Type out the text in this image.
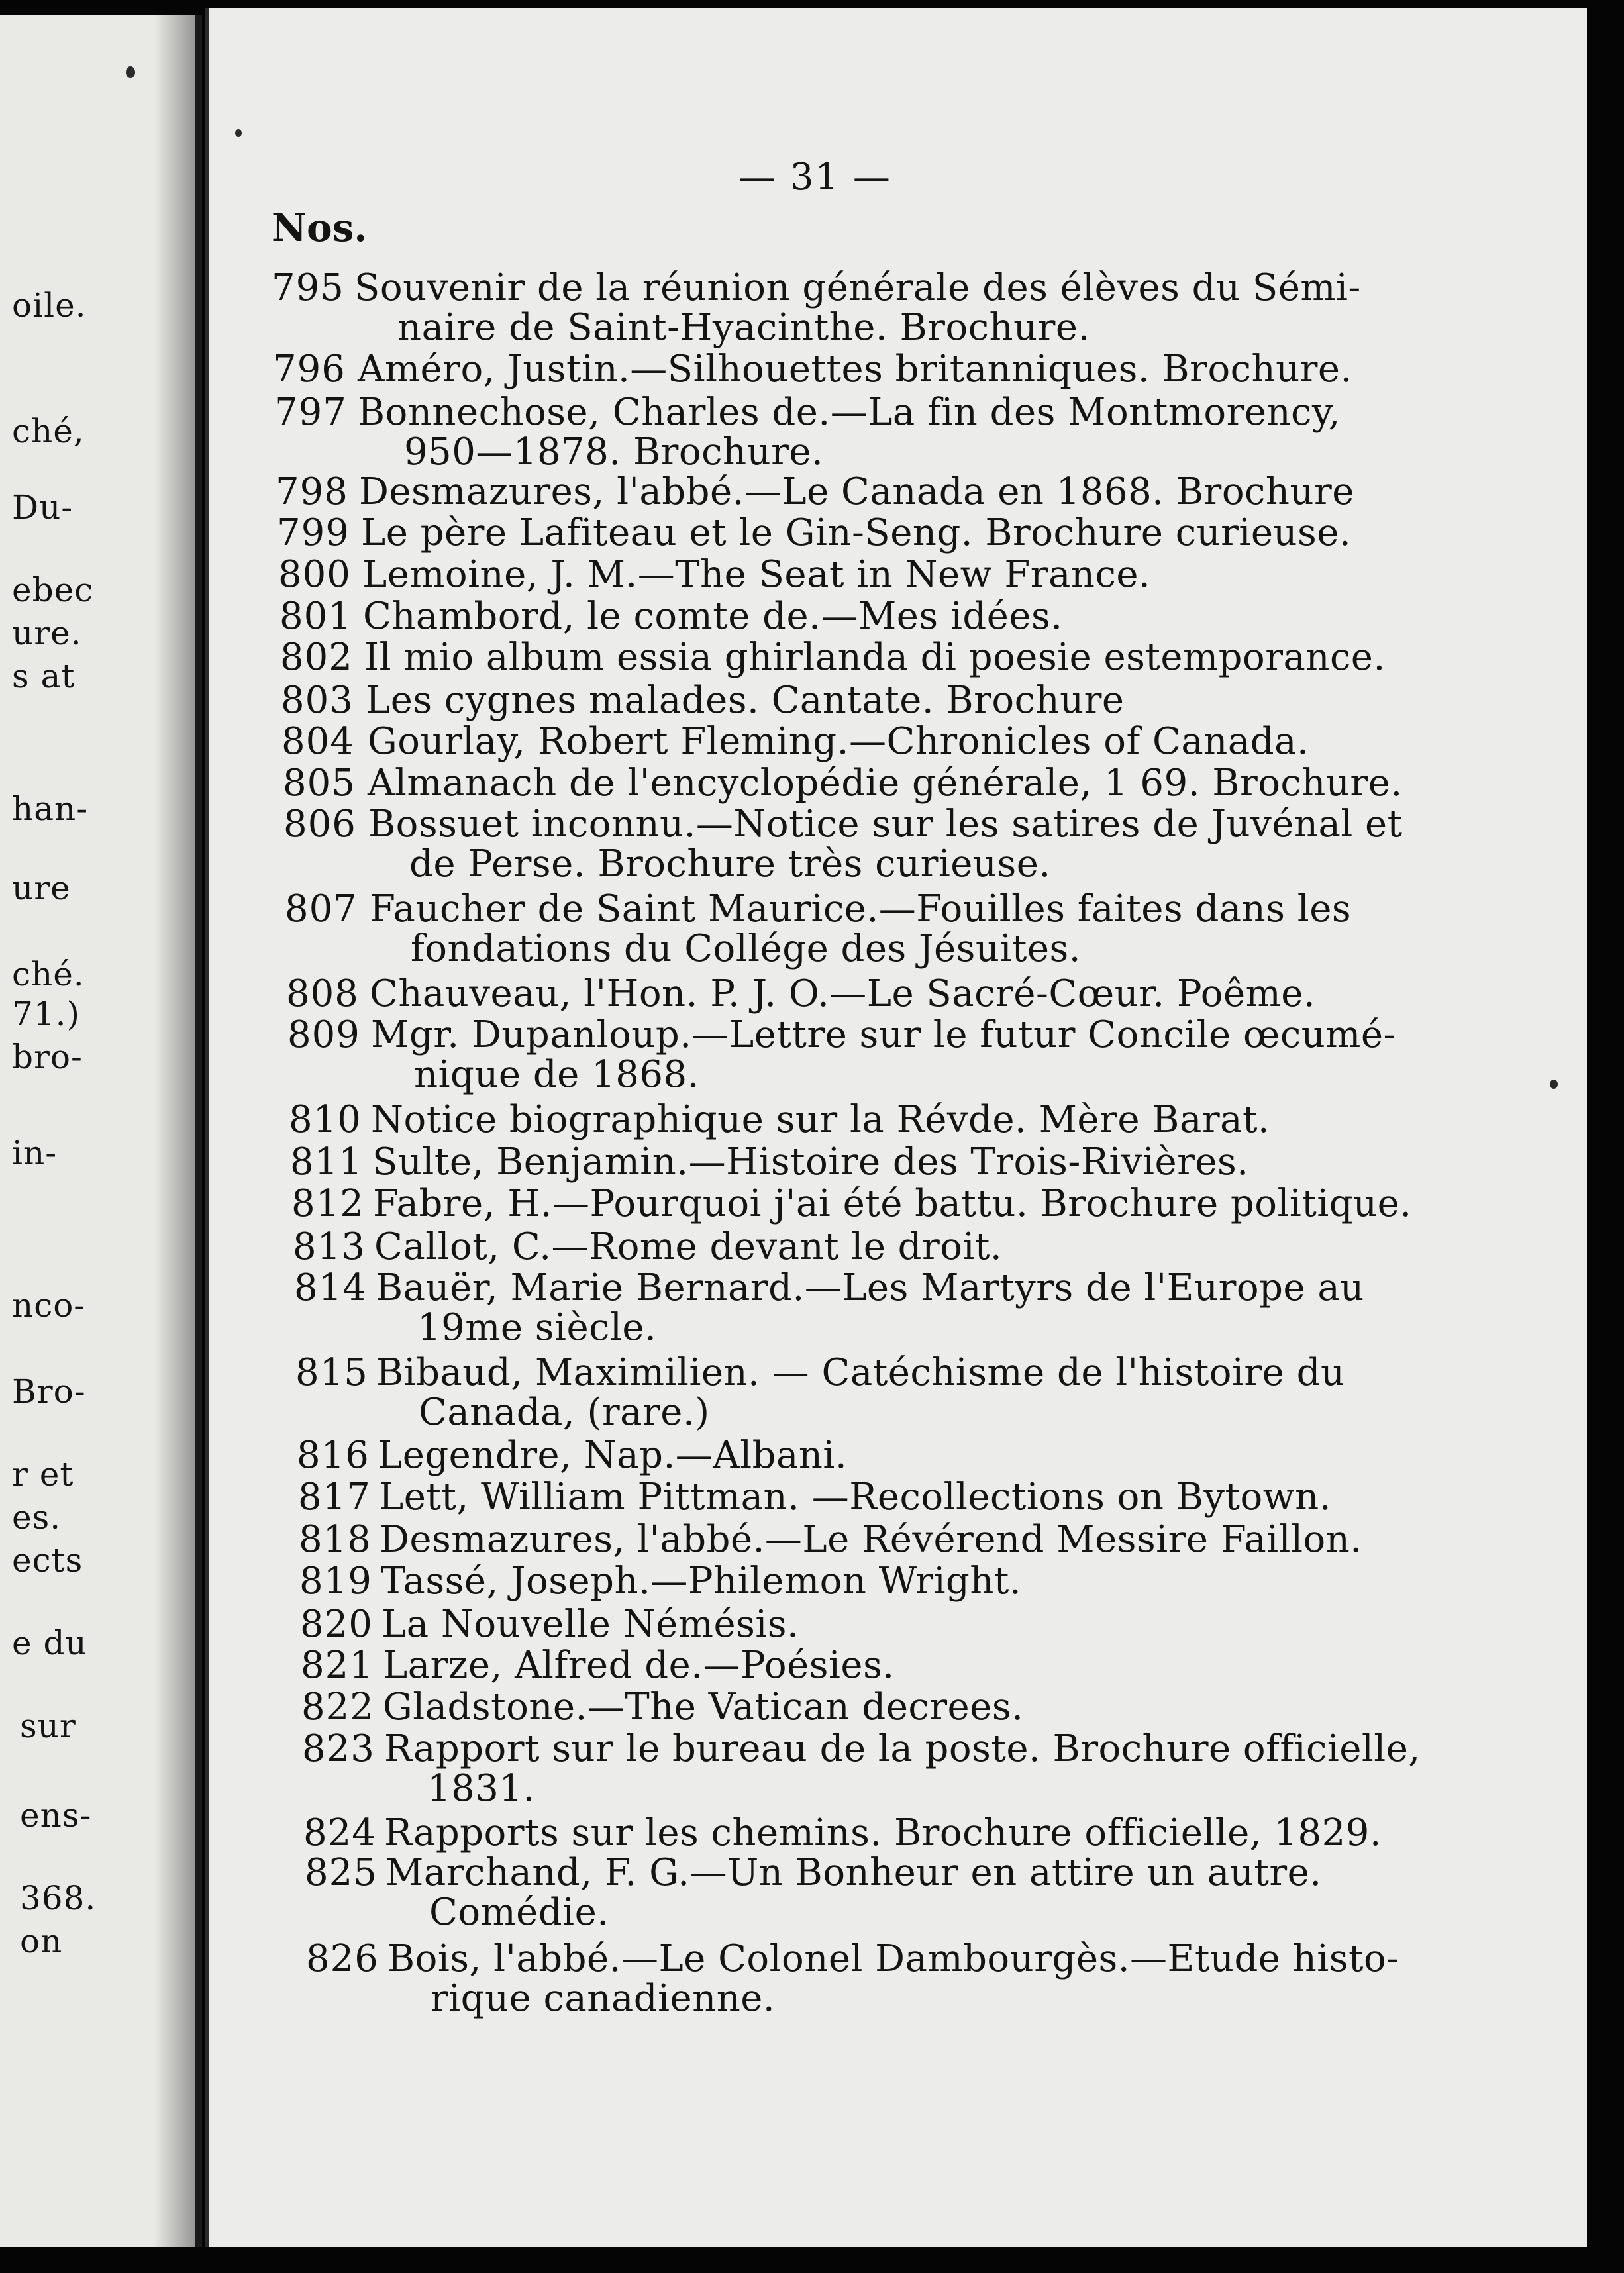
oile.
ché,
Du-
ebec
ure.
s at
han-
ure
ché.
71.)
bro-
in-
nco-
Bro-
r et
es.
ects
e du
sur
ens-
368.
on
— 31 —
Nos.
795 Souvenir de la réunion générale des élèves du Sémi-
naire de Saint-Hyacinthe. Brochure.
796 Améro, Justin.—Silhouettes britanniques. Brochure.
797 Bonnechose, Charles de.—La fin des Montmorency,
950—1878. Brochure.
798 Desmazures, l'abbé.—Le Canada en 1868. Brochure
799 Le père Lafiteau et le Gin-Seng. Brochure curieuse.
800 Lemoine, J. M.—The Seat in New France.
801 Chambord, le comte de.—Mes idées.
802 Il mio album essia ghirlanda di poesie estemporance.
803 Les cygnes malades. Cantate. Brochure
804 Gourlay, Robert Fleming.—Chronicles of Canada.
805 Almanach de l'encyclopédie générale, 1 69. Brochure.
806 Bossuet inconnu.—Notice sur les satires de Juvénal et
de Perse. Brochure très curieuse.
807 Faucher de Saint Maurice.—Fouilles faites dans les
fondations du Collége des Jésuites.
808 Chauveau, l'Hon. P. J. O.—Le Sacré-Cœur. Poême.
809 Mgr. Dupanloup.—Lettre sur le futur Concile œcumé-
nique de 1868.
810 Notice biographique sur la Révde. Mère Barat.
811 Sulte, Benjamin.—Histoire des Trois-Rivières.
812 Fabre, H.—Pourquoi j'ai été battu. Brochure politique.
813 Callot, C.—Rome devant le droit.
814 Bauër, Marie Bernard.—Les Martyrs de l'Europe au
19me siècle.
815 Bibaud, Maximilien. — Catéchisme de l'histoire du
Canada, (rare.)
816 Legendre, Nap.—Albani.
817 Lett, William Pittman. —Recollections on Bytown.
818 Desmazures, l'abbé.—Le Révérend Messire Faillon.
819 Tassé, Joseph.—Philemon Wright.
820 La Nouvelle Némésis.
821 Larze, Alfred de.—Poésies.
822 Gladstone.—The Vatican decrees.
823 Rapport sur le bureau de la poste. Brochure officielle,
1831.
824 Rapports sur les chemins. Brochure officielle, 1829.
825 Marchand, F. G.—Un Bonheur en attire un autre.
Comédie.
826 Bois, l'abbé.—Le Colonel Dambourgès.—Etude histo-
rique canadienne.
